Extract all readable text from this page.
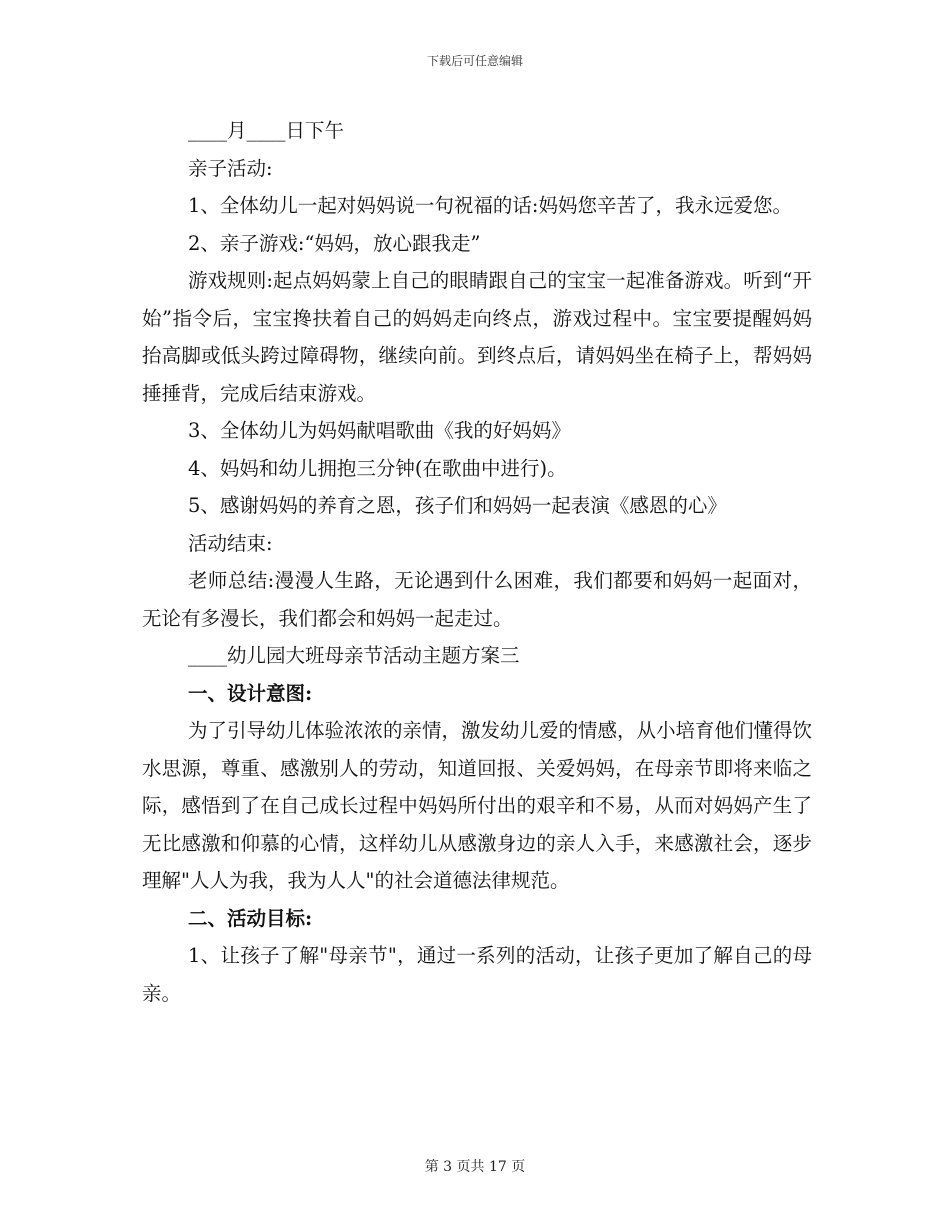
下载后可任意编辑

____月____日下午

亲子活动:

1、全体幼儿一起对妈妈说一句祝福的话:妈妈您辛苦了，我永远爱您。

2、亲子游戏:“妈妈，放心跟我走”

游戏规则:起点妈妈蒙上自己的眼睛跟自己的宝宝一起准备游戏。听到“开始”指令后，宝宝搀扶着自己的妈妈走向终点，游戏过程中。宝宝要提醒妈妈抬高脚或低头跨过障碍物，继续向前。到终点后，请妈妈坐在椅子上，帮妈妈捶捶背，完成后结束游戏。

3、全体幼儿为妈妈献唱歌曲《我的好妈妈》

4、妈妈和幼儿拥抱三分钟(在歌曲中进行)。

5、感谢妈妈的养育之恩，孩子们和妈妈一起表演《感恩的心》

活动结束:

老师总结:漫漫人生路，无论遇到什么困难，我们都要和妈妈一起面对，无论有多漫长，我们都会和妈妈一起走过。

____幼儿园大班母亲节活动主题方案三

一、设计意图:

为了引导幼儿体验浓浓的亲情，激发幼儿爱的情感，从小培育他们懂得饮水思源，尊重、感激别人的劳动，知道回报、关爱妈妈，在母亲节即将来临之际，感悟到了在自己成长过程中妈妈所付出的艰辛和不易，从而对妈妈产生了无比感激和仰慕的心情，这样幼儿从感激身边的亲人入手，来感激社会，逐步理解"人人为我，我为人人"的社会道德法律规范。

二、活动目标:

1、让孩子了解"母亲节"，通过一系列的活动，让孩子更加了解自己的母亲。

第 3 页共 17 页
